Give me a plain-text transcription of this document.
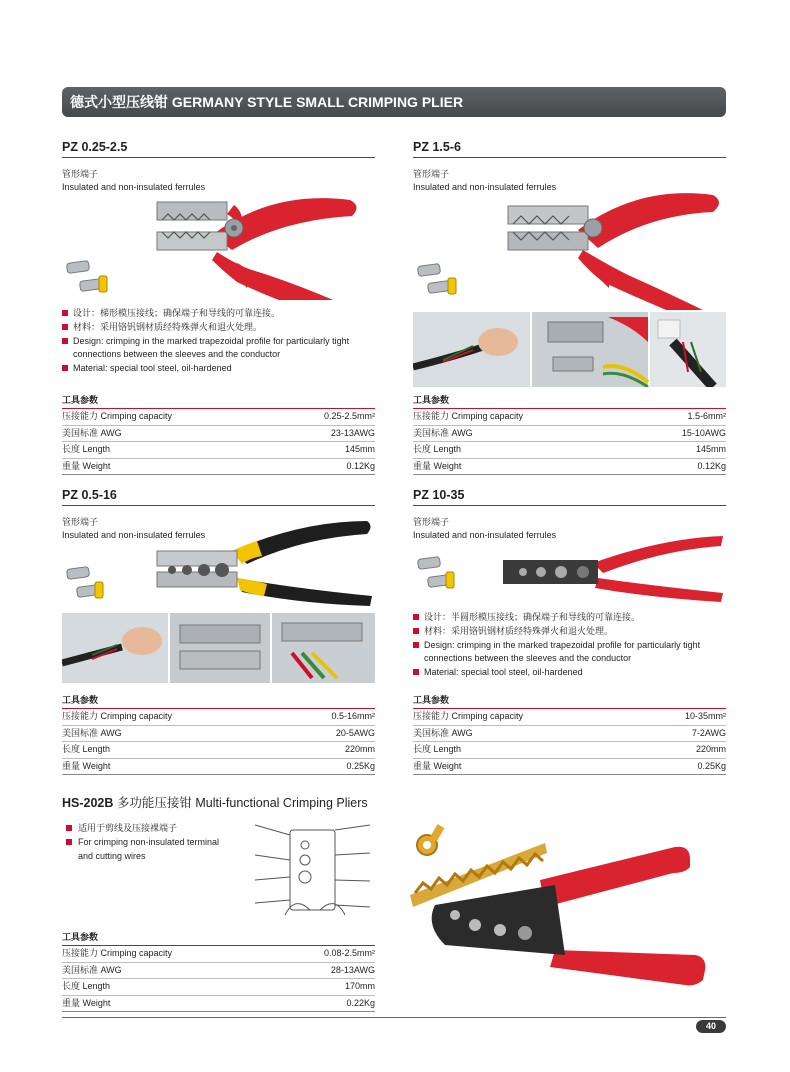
德式小型压线钳 GERMANY STYLE SMALL CRIMPING PLIER
PZ 0.25-2.5
管形端子
Insulated and non-insulated ferrules
设计：梯形模压接线；确保端子和导线的可靠连接。
材料：采用铬钒钢材质经特殊弹火和退火处理。
Design: crimping in the marked trapezoidal profile for particularly tight
connections between the sleeves and the conductor
Material: special tool steel, oil-hardened
工具参数
压接能力 Crimping capacity	0.25-2.5mm²
美国标准 AWG	23-13AWG
长度 Length	145mm
重量 Weight	0.12Kg
PZ 1.5-6
管形端子
Insulated and non-insulated ferrules
工具参数
压接能力 Crimping capacity	1.5-6mm²
美国标准 AWG	15-10AWG
长度 Length	145mm
重量 Weight	0.12Kg
PZ 0.5-16
管形端子
Insulated and non-insulated ferrules
工具参数
压接能力 Crimping capacity	0.5-16mm²
美国标准 AWG	20-5AWG
长度 Length	220mm
重量 Weight	0.25Kg
PZ 10-35
管形端子
Insulated and non-insulated ferrules
设计：半圆形模压接线；确保端子和导线的可靠连接。
材料：采用铬钒钢材质经特殊弹火和退火处理。
Design: crimping in the marked trapezoidal profile for particularly tight
connections between the sleeves and the conductor
Material: special tool steel, oil-hardened
工具参数
压接能力 Crimping capacity	10-35mm²
美国标准 AWG	7-2AWG
长度 Length	220mm
重量 Weight	0.25Kg
HS-202B 多功能压接钳 Multi-functional Crimping Pliers
适用于剪线及压接裸端子
For crimping non-insulated terminal
and cutting wires
工具参数
压接能力 Crimping capacity	0.08-2.5mm²
美国标准 AWG	28-13AWG
长度 Length	170mm
重量 Weight	0.22Kg
40
